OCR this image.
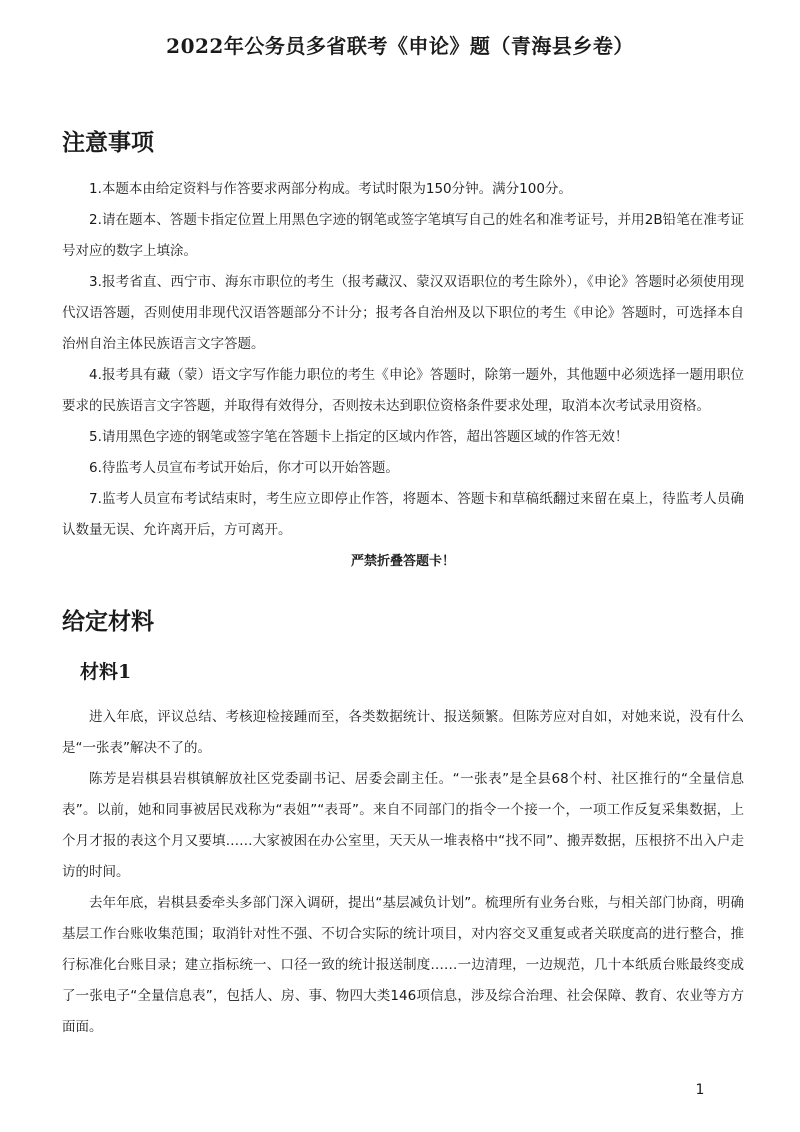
2022年公务员多省联考《申论》题（青海县乡卷）
注意事项

1.本题本由给定资料与作答要求两部分构成。考试时限为150分钟。满分100分。

2.请在题本、答题卡指定位置上用黑色字迹的钢笔或签字笔填写自己的姓名和准考证号，并用2B铅笔在准考证号对应的数字上填涂。

3.报考省直、西宁市、海东市职位的考生（报考藏汉、蒙汉双语职位的考生除外），《申论》答题时必须使用现代汉语答题，否则使用非现代汉语答题部分不计分；报考各自治州及以下职位的考生《申论》答题时，可选择本自治州自治主体民族语言文字答题。

4.报考具有藏（蒙）语文字写作能力职位的考生《申论》答题时，除第一题外，其他题中必须选择一题用职位要求的民族语言文字答题，并取得有效得分，否则按未达到职位资格条件要求处理，取消本次考试录用资格。

5.请用黑色字迹的钢笔或签字笔在答题卡上指定的区域内作答，超出答题区域的作答无效！

6.待监考人员宣布考试开始后，你才可以开始答题。

7.监考人员宣布考试结束时，考生应立即停止作答，将题本、答题卡和草稿纸翻过来留在桌上，待监考人员确认数量无误、允许离开后，方可离开。

严禁折叠答题卡！

给定材料
材料1

进入年底，评议总结、考核迎检接踵而至，各类数据统计、报送频繁。但陈芳应对自如，对她来说，没有什么是“一张表”解决不了的。

陈芳是岩棋县岩棋镇解放社区党委副书记、居委会副主任。“一张表”是全县68个村、社区推行的“全量信息表”。以前，她和同事被居民戏称为“表姐”“表哥”。来自不同部门的指令一个接一个，一项工作反复采集数据，上个月才报的表这个月又要填……大家被困在办公室里，天天从一堆表格中“找不同”、搬弄数据，压根挤不出入户走访的时间。

去年年底，岩棋县委牵头多部门深入调研，提出“基层减负计划”。梳理所有业务台账，与相关部门协商，明确基层工作台账收集范围；取消针对性不强、不切合实际的统计项目，对内容交叉重复或者关联度高的进行整合，推行标准化台账目录；建立指标统一、口径一致的统计报送制度……一边清理，一边规范，几十本纸质台账最终变成了一张电子“全量信息表”，包括人、房、事、物四大类146项信息，涉及综合治理、社会保障、教育、农业等方方面面。

1
